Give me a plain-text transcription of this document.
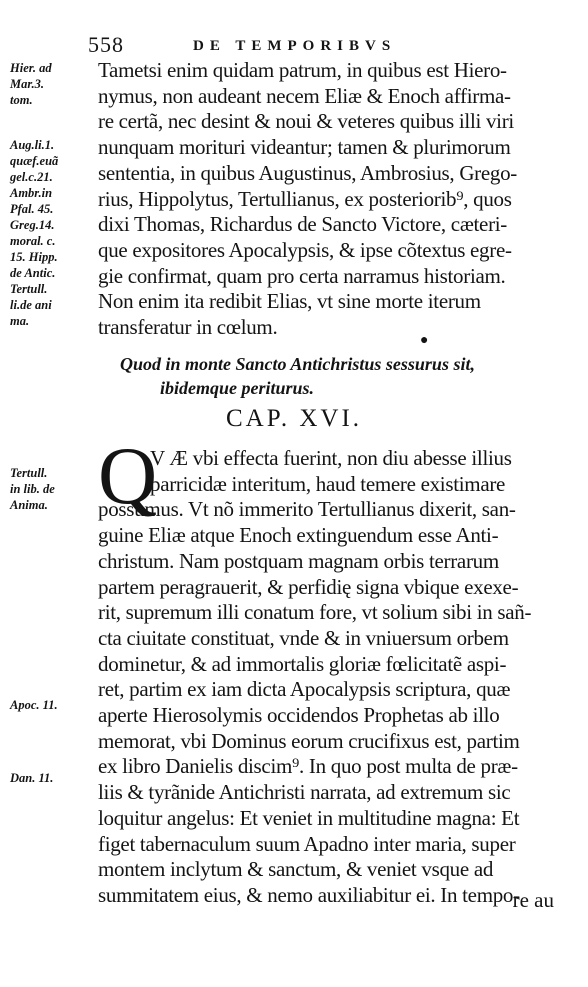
558	DE TEMPORIBVS
Hier. ad
Mar.3.
tom.

Aug.li.1.
quæf.euã
gel.c.21.
Ambr.in
Pfal. 45.
Greg.14.
moral. c.
15. Hipp.
de Antic.
Tertull.
li.de ani
ma.
Tametsi enim quidam patrum, in quibus est Hiero-
nymus, non audeant necem Eliæ & Enoch affirma-
re certã, nec desint & noui & veteres quibus illi viri
nunquam morituri videantur; tamen & plurimorum
sententia, in quibus Augustinus, Ambrosius, Grego-
rius, Hippolytus, Tertullianus, ex posteriorib⁹, quos
dixi Thomas, Richardus de Sancto Victore, cæteri-
que expositores Apocalypsis, & ipse cõtextus egre-
gie confirmat, quam pro certa narramus historiam.
Non enim ita redibit Elias, vt sine morte iterum
transferatur in cœlum.
●
Quod in monte Sancto Antichristus sessurus sit,
ibidemque periturus.
CAP. XVI.
Tertull.
in lib. de
Anima.
Apoc. 11.
Dan. 11.
Q
V Æ vbi effecta fuerint, non diu abesse illius
parricidæ interitum, haud temere existimare
possumus. Vt nõ immerito Tertullianus dixerit, san-
guine Eliæ atque Enoch extinguendum esse Anti-
christum. Nam postquam magnam orbis terrarum
partem peragrauerit, & perfidię signa vbique exexe-
rit, supremum illi conatum fore, vt solium sibi in sañ-
cta ciuitate constituat, vnde & in vniuersum orbem
dominetur, & ad immortalis gloriæ fœlicitatẽ aspi-
ret, partim ex iam dicta Apocalypsis scriptura, quæ
aperte Hierosolymis occidendos Prophetas ab illo
memorat, vbi Dominus eorum crucifixus est, partim
ex libro Danielis discim⁹. In quo post multa de præ-
liis & tyrãnide Antichristi narrata, ad extremum sic
loquitur angelus: Et veniet in multitudine magna: Et
figet tabernaculum suum Apadno inter maria, super
montem inclytum & sanctum, & veniet vsque ad
summitatem eius, & nemo auxiliabitur ei. In tempo-
re au
